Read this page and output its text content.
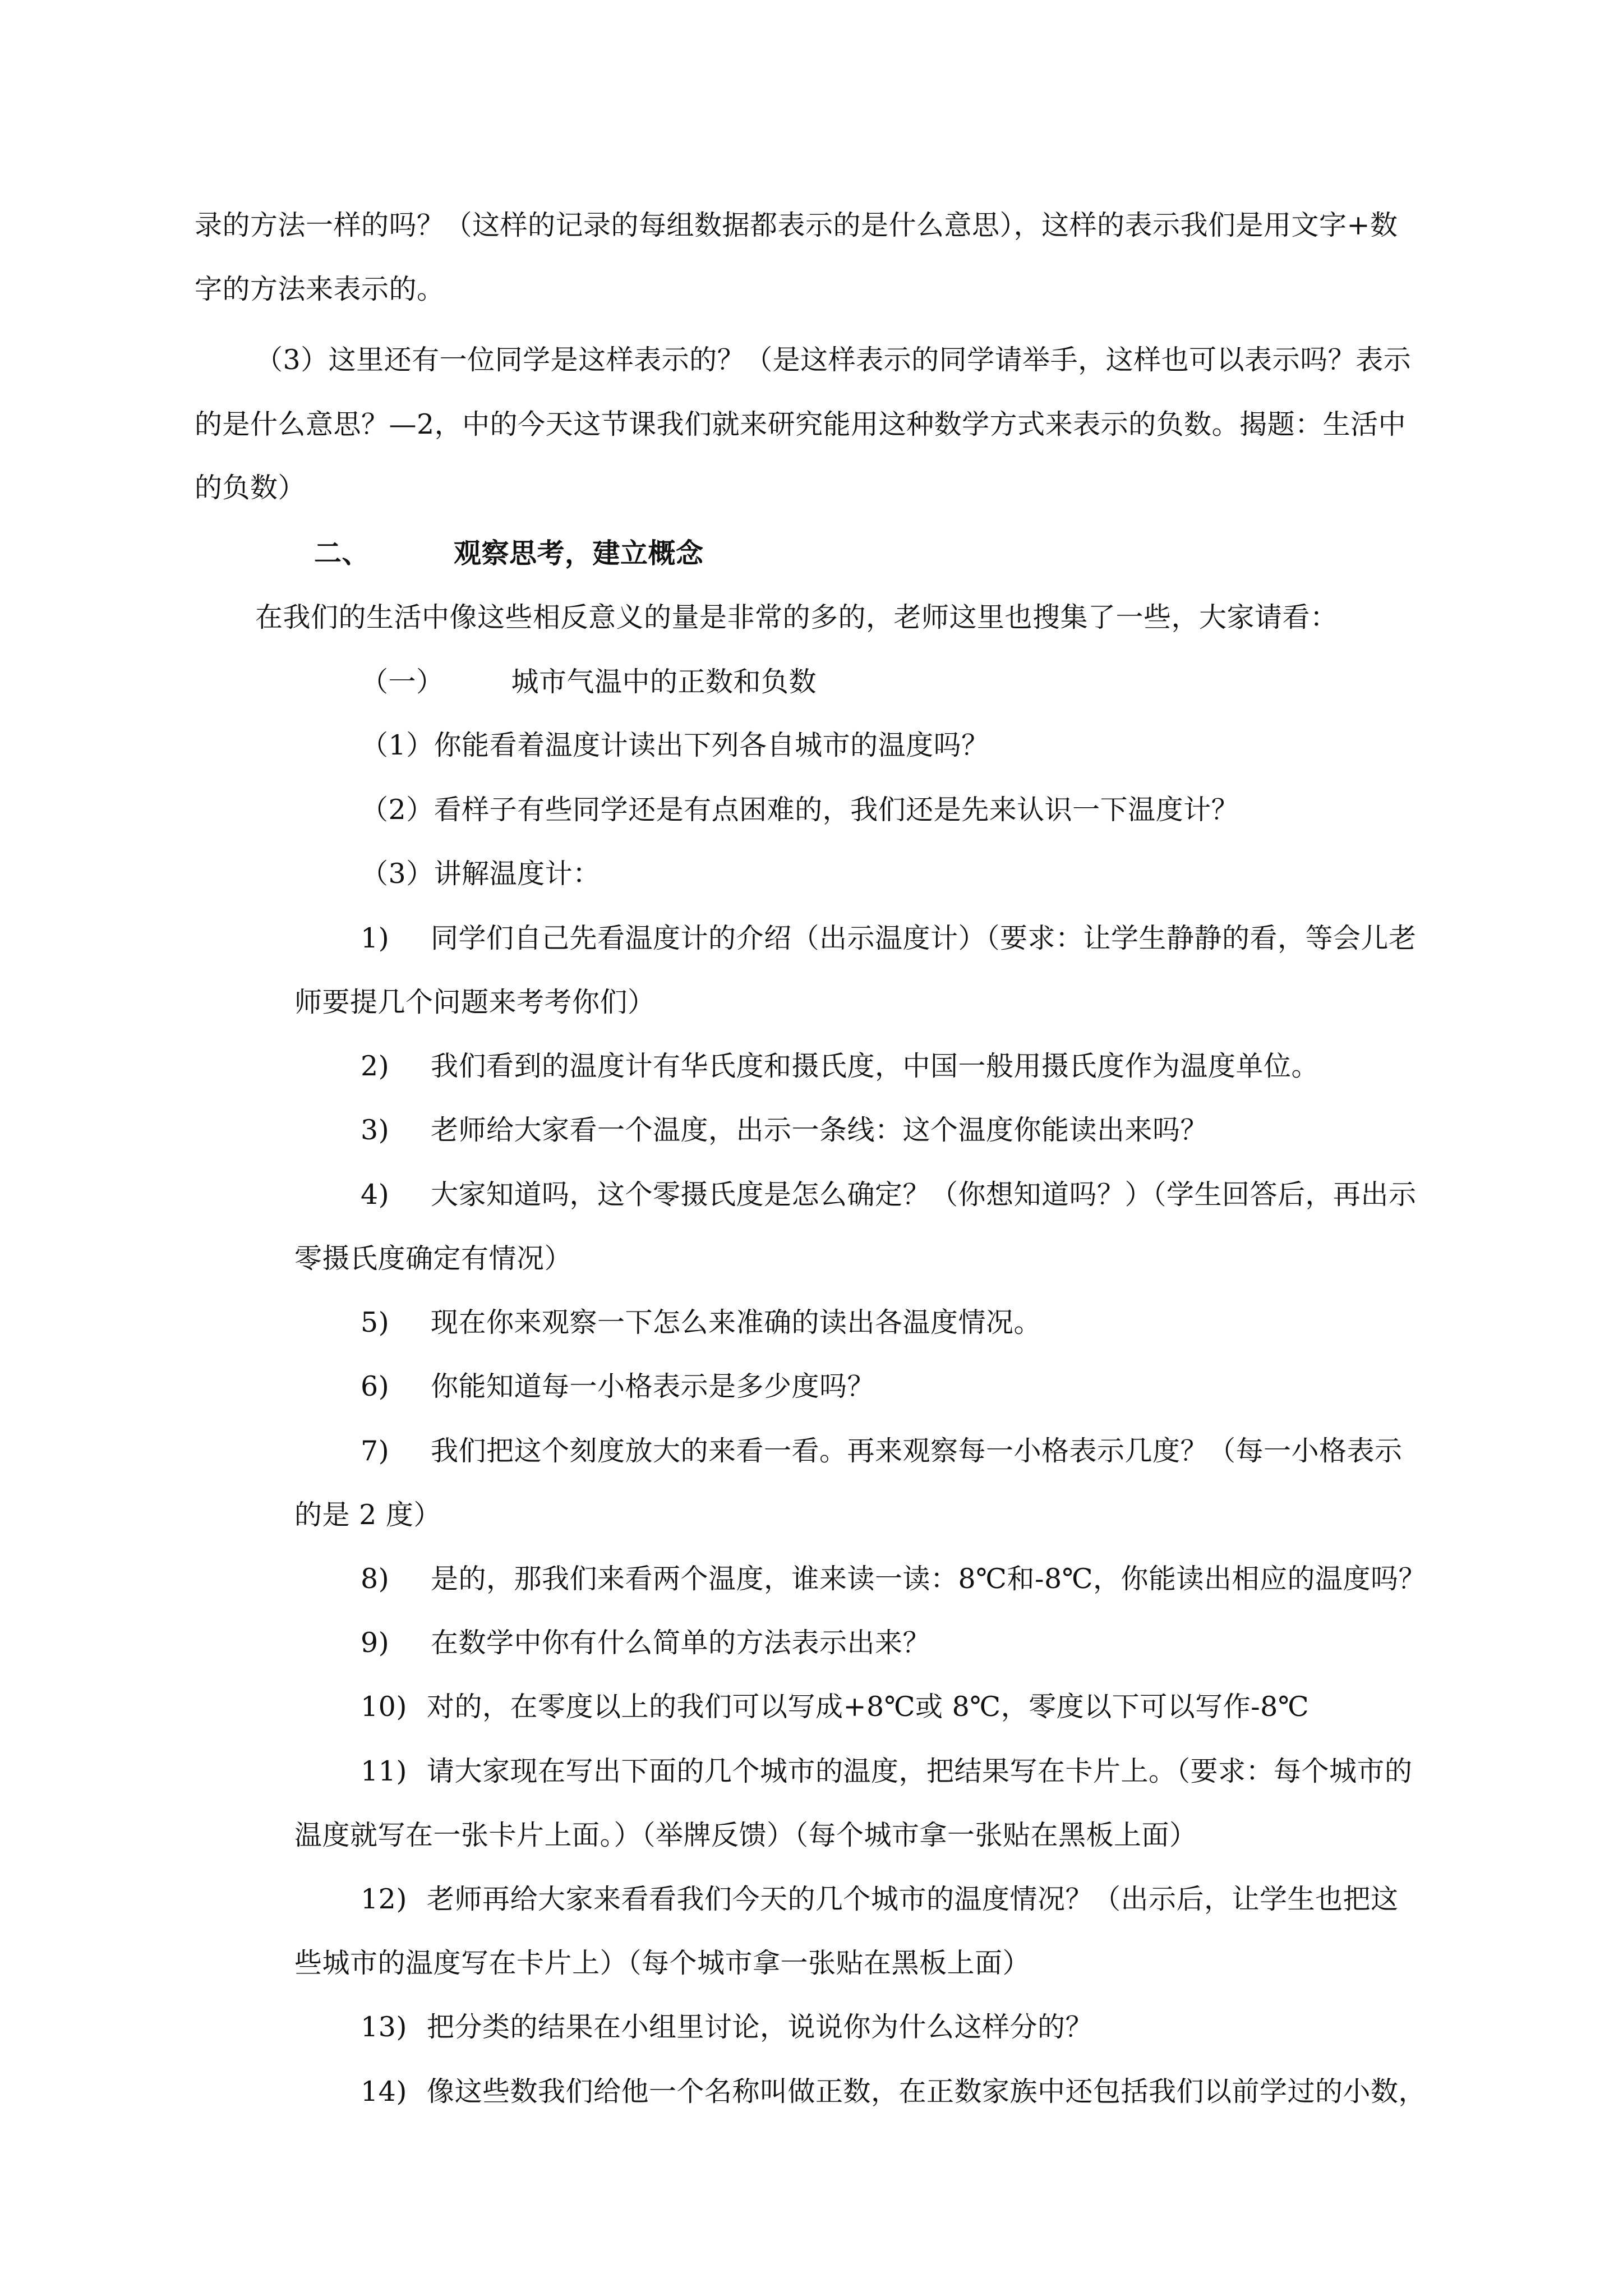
录的方法一样的吗？（这样的记录的每组数据都表示的是什么意思），这样的表示我们是用文字+数
字的方法来表示的。
（3）这里还有一位同学是这样表示的？（是这样表示的同学请举手，这样也可以表示吗？表示
的是什么意思？—2，中的今天这节课我们就来研究能用这种数学方式来表示的负数。揭题：生活中
的负数）
二、	观察思考，建立概念
在我们的生活中像这些相反意义的量是非常的多的，老师这里也搜集了一些，大家请看：
（一） 城市气温中的正数和负数
（1）你能看着温度计读出下列各自城市的温度吗？
（2）看样子有些同学还是有点困难的，我们还是先来认识一下温度计？
（3）讲解温度计：
1) 同学们自己先看温度计的介绍（出示温度计）（要求：让学生静静的看，等会儿老
师要提几个问题来考考你们）
2) 我们看到的温度计有华氏度和摄氏度，中国一般用摄氏度作为温度单位。
3) 老师给大家看一个温度，出示一条线：这个温度你能读出来吗？
4) 大家知道吗，这个零摄氏度是怎么确定？（你想知道吗？）（学生回答后，再出示
零摄氏度确定有情况）
5) 现在你来观察一下怎么来准确的读出各温度情况。
6) 你能知道每一小格表示是多少度吗？
7) 我们把这个刻度放大的来看一看。再来观察每一小格表示几度？（每一小格表示
的是 2 度）
8) 是的，那我们来看两个温度，谁来读一读：8℃和-8℃，你能读出相应的温度吗？
9) 在数学中你有什么简单的方法表示出来？
10) 对的，在零度以上的我们可以写成+8℃或 8℃，零度以下可以写作-8℃
11) 请大家现在写出下面的几个城市的温度，把结果写在卡片上。（要求：每个城市的
温度就写在一张卡片上面。）（举牌反馈）（每个城市拿一张贴在黑板上面）
12) 老师再给大家来看看我们今天的几个城市的温度情况？（出示后，让学生也把这
些城市的温度写在卡片上）（每个城市拿一张贴在黑板上面）
13) 把分类的结果在小组里讨论，说说你为什么这样分的？
14) 像这些数我们给他一个名称叫做正数，在正数家族中还包括我们以前学过的小数，
